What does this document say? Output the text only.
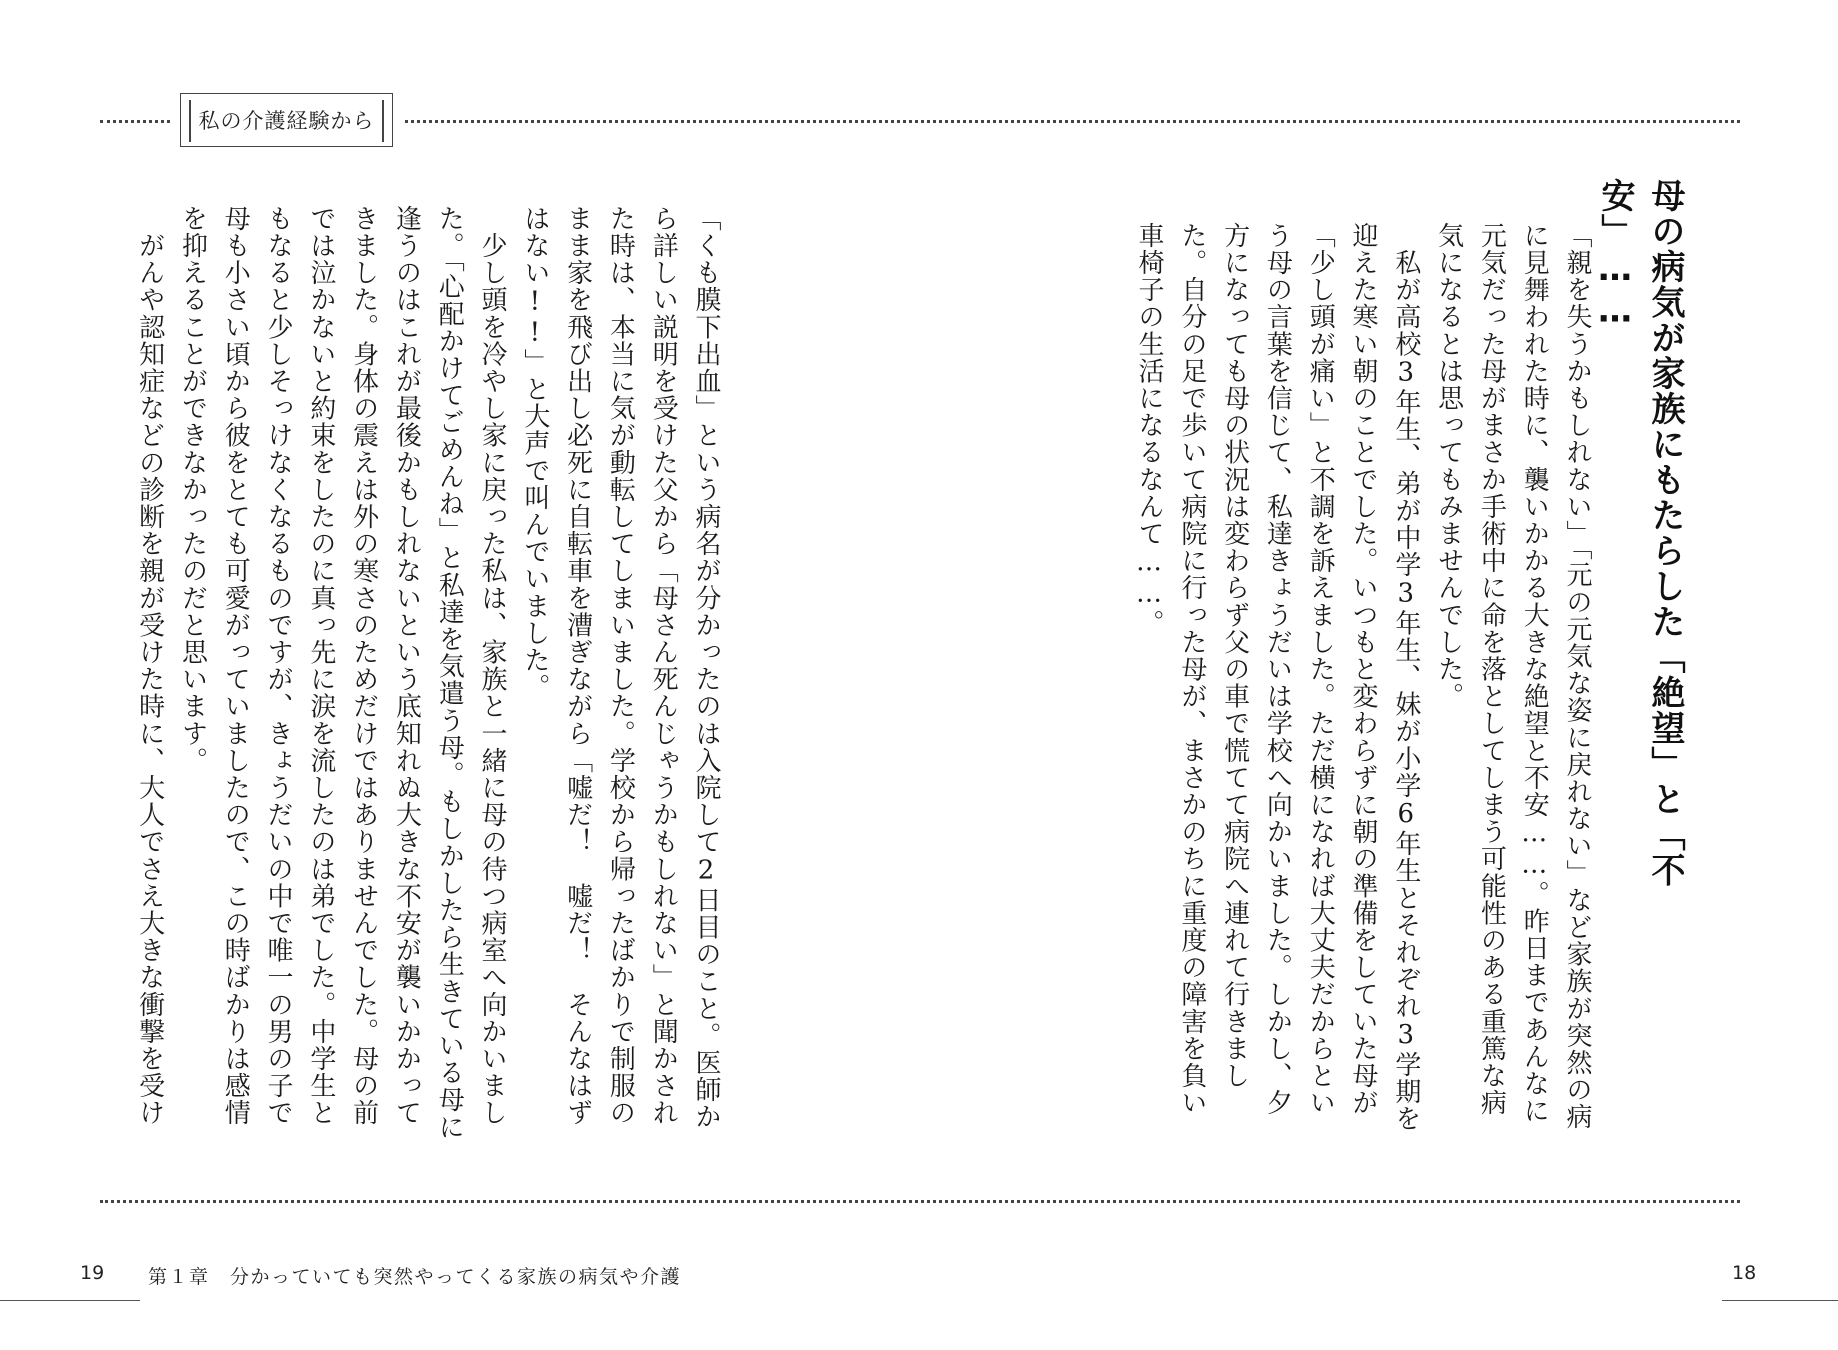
私の介護経験から
母の病気が家族にもたらした「絶望」と「不安」……

「親を失うかもしれない」「元の元気な姿に戻れない」など家族が突然の病に見舞われた時に、襲いかかる大きな絶望と不安……。昨日まであんなに元気だった母がまさか手術中に命を落としてしまう可能性のある重篤な病気になるとは思ってもみませんでした。

　私が高校3年生、弟が中学3年生、妹が小学6年生とそれぞれ3学期を迎えた寒い朝のことでした。いつもと変わらずに朝の準備をしていた母が「少し頭が痛い」と不調を訴えました。ただ横になれば大丈夫だからという母の言葉を信じて、私達きょうだいは学校へ向かいました。しかし、夕方になっても母の状況は変わらず父の車で慌てて病院へ連れて行きました。自分の足で歩いて病院に行った母が、まさかのちに重度の障害を負い車椅子の生活になるなんて……。

「くも膜下出血」という病名が分かったのは入院して2日目のこと。医師から詳しい説明を受けた父から「母さん死んじゃうかもしれない」と聞かされた時は、本当に気が動転してしまいました。学校から帰ったばかりで制服のまま家を飛び出し必死に自転車を漕ぎながら「嘘だ！　嘘だ！　そんなはずはない!!」と大声で叫んでいました。

　少し頭を冷やし家に戻った私は、家族と一緒に母の待つ病室へ向かいました。「心配かけてごめんね」と私達を気遣う母。もしかしたら生きている母に逢うのはこれが最後かもしれないという底知れぬ大きな不安が襲いかかってきました。身体の震えは外の寒さのためだけではありませんでした。母の前では泣かないと約束をしたのに真っ先に涙を流したのは弟でした。中学生ともなると少しそっけなくなるものですが、きょうだいの中で唯一の男の子で母も小さい頃から彼をとても可愛がっていましたので、この時ばかりは感情を抑えることができなかったのだと思います。

　がんや認知症などの診断を親が受けた時に、大人でさえ大きな衝撃を受け

19	第１章　分かっていても突然やってくる家族の病気や介護	18
